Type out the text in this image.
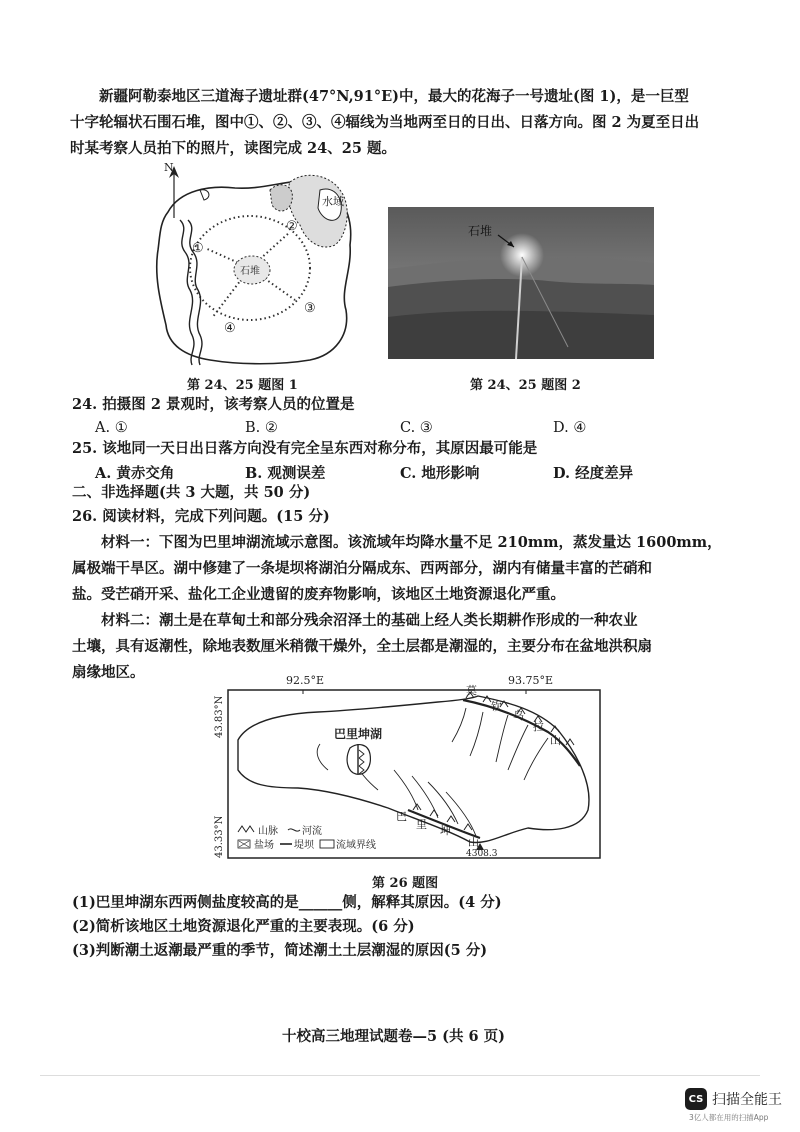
新疆阿勒泰地区三道海子遗址群(47°N,91°E)中，最大的花海子一号遗址(图 1)，是一巨型
十字轮辐状石围石堆，图中①、②、③、④辐线为当地两至日的日出、日落方向。图 2 为夏至日出
时某考察人员拍下的照片，读图完成 24、25 题。
水域
石堆
N
①
②
③
④
第 24、25 题图 1
石堆
第 24、25 题图 2
24. 拍摄图 2 景观时，该考察人员的位置是
A. ①	B. ②	C. ③	D. ④
25. 该地同一天日出日落方向没有完全呈东西对称分布，其原因最可能是
A. 黄赤交角	B. 观测误差	C. 地形影响	D. 经度差异
二、非选择题(共 3 大题，共 50 分)
26. 阅读材料，完成下列问题。(15 分)
材料一：下图为巴里坤湖流域示意图。该流域年均降水量不足 210mm，蒸发量达 1600mm，
属极端干旱区。湖中修建了一条堤坝将湖泊分隔成东、西两部分，湖内有储量丰富的芒硝和
盐。受芒硝开采、盐化工企业遗留的废弃物影响，该地区土地资源退化严重。
材料二：潮土是在草甸土和部分残余沼泽土的基础上经人类长期耕作形成的一种农业
土壤，具有返潮性，除地表数厘米稍微干燥外，全土层都是潮湿的，主要分布在盆地洪积扇
扇缘地区。	92.5°E	93.75°E
43.83°N
43.33°N
巴里坤湖
莫
钦
乌
拉
山
巴
里 坤
山
4308.3
山脉 河流
盐场 堤坝 流域界线
第 26 题图
(1)巴里坤湖东西两侧盐度较高的是______侧，解释其原因。(4 分)
(2)简析该地区土地资源退化严重的主要表现。(6 分)
(3)判断潮土返潮最严重的季节，简述潮土土层潮湿的原因(5 分)
十校高三地理试题卷—5 (共 6 页)
CS 扫描全能王
3亿人都在用的扫描App
